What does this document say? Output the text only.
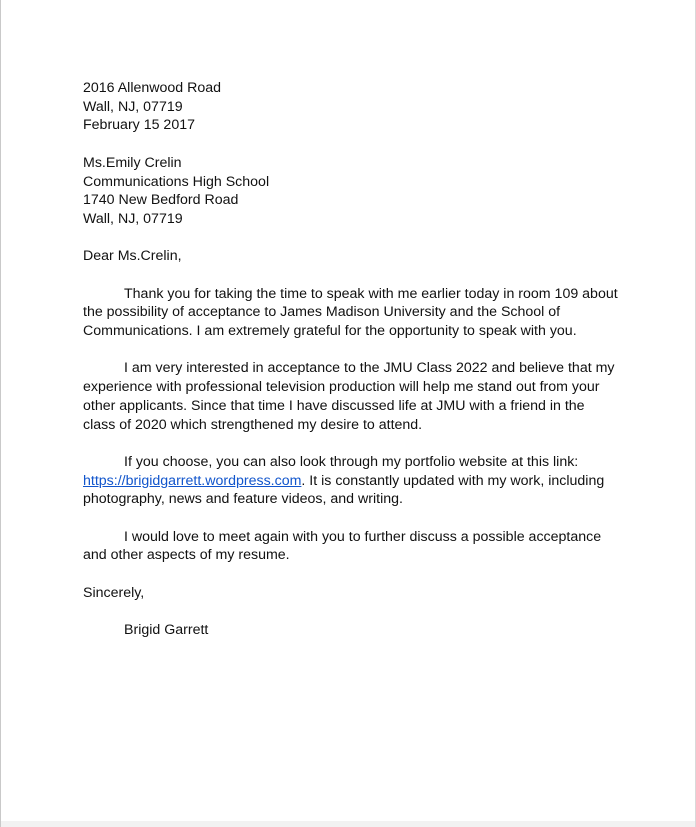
2016 Allenwood Road
Wall, NJ, 07719
February 15 2017
Ms.Emily Crelin
Communications High School
1740 New Bedford Road
Wall, NJ, 07719
Dear Ms.Crelin,
Thank you for taking the time to speak with me earlier today in room 109 about
the possibility of acceptance to James Madison University and the School of
Communications. I am extremely grateful for the opportunity to speak with you.
I am very interested in acceptance to the JMU Class 2022 and believe that my
experience with professional television production will help me stand out from your
other applicants. Since that time I have discussed life at JMU with a friend in the
class of 2020 which strengthened my desire to attend.
If you choose, you can also look through my portfolio website at this link:
https://brigidgarrett.wordpress.com. It is constantly updated with my work, including
photography, news and feature videos, and writing.
I would love to meet again with you to further discuss a possible acceptance
and other aspects of my resume.
Sincerely,
Brigid Garrett
